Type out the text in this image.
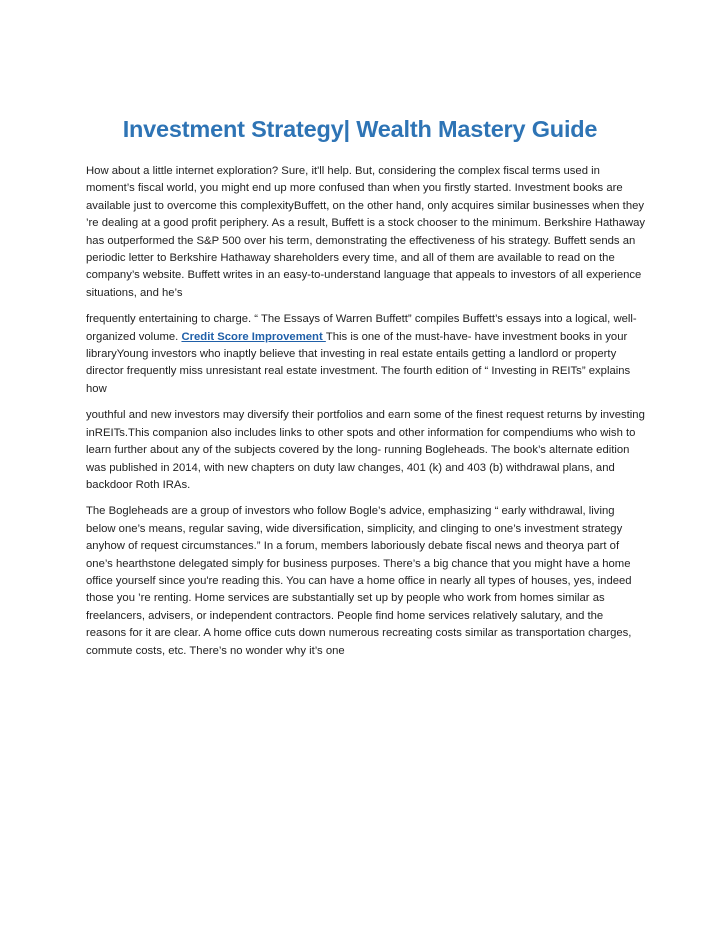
Investment Strategy| Wealth Mastery Guide

How about a little internet exploration? Sure, it'll help. But, considering the complex fiscal terms used in moment’s fiscal world, you might end up more confused than when you firstly started. Investment books are available just to overcome this complexityBuffett, on the other hand, only acquires similar businesses when they ’re dealing at a good profit periphery. As a result, Buffett is a stock chooser to the minimum. Berkshire Hathaway has outperformed the S&P 500 over his term, demonstrating the effectiveness of his strategy. Buffett sends an periodic letter to Berkshire Hathaway shareholders every time, and all of them are available to read on the company’s website. Buffett writes in an easy-to-understand language that appeals to investors of all experience situations, and he’s

frequently entertaining to charge. “ The Essays of Warren Buffett” compiles Buffett’s essays into a logical, well- organized volume. Credit Score Improvement This is one of the must-have- have investment books in your libraryYoung investors who inaptly believe that investing in real estate entails getting a landlord or property director frequently miss unresistant real estate investment. The fourth edition of “ Investing in REITs” explains how

youthful and new investors may diversify their portfolios and earn some of the finest request returns by investing inREITs.This companion also includes links to other spots and other information for compendiums who wish to learn further about any of the subjects covered by the long- running Bogleheads. The book’s alternate edition was published in 2014, with new chapters on duty law changes, 401 (k) and 403 (b) withdrawal plans, and backdoor Roth IRAs.

The Bogleheads are a group of investors who follow Bogle’s advice, emphasizing “ early withdrawal, living below one’s means, regular saving, wide diversification, simplicity, and clinging to one’s investment strategy anyhow of request circumstances.” In a forum, members laboriously debate fiscal news and theorya part of one’s hearthstone delegated simply for business purposes. There’s a big chance that you might have a home office yourself since you're reading this. You can have a home office in nearly all types of houses, yes, indeed those you ’re renting. Home services are substantially set up by people who work from homes similar as freelancers, advisers, or independent contractors. People find home services relatively salutary, and the reasons for it are clear. A home office cuts down numerous recreating costs similar as transportation charges, commute costs, etc. There’s no wonder why it’s one
